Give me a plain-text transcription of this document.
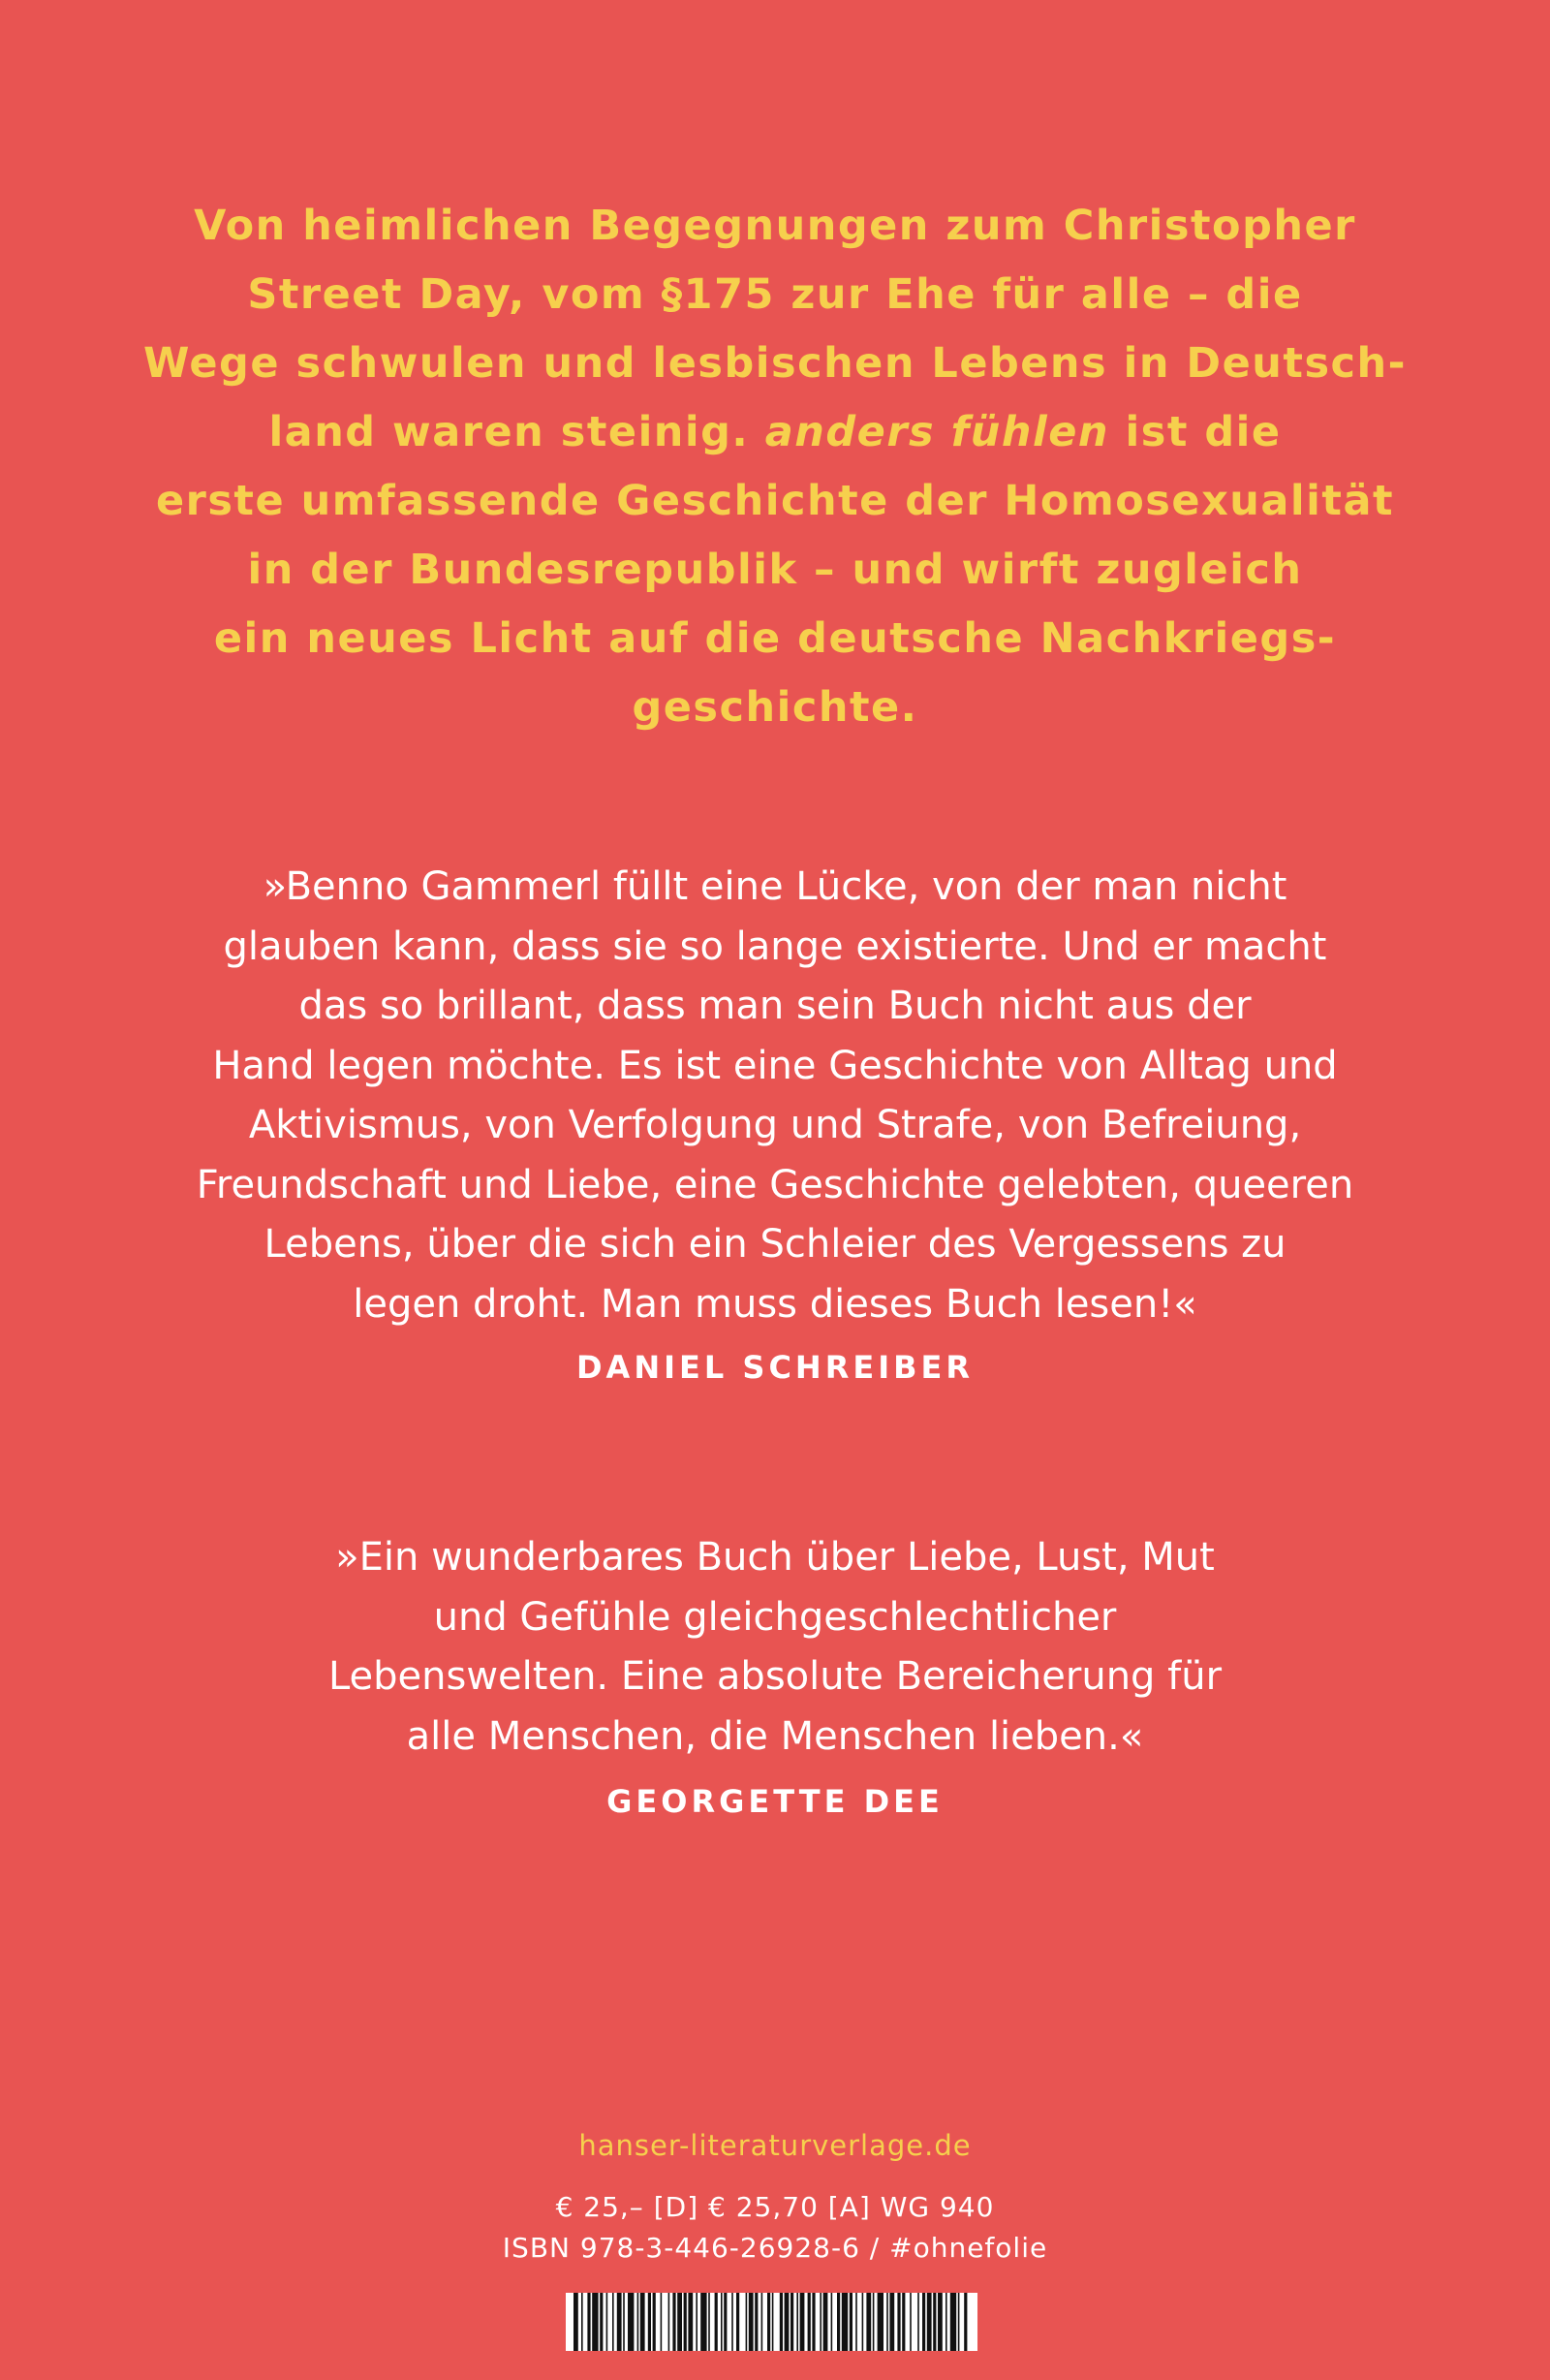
Von heimlichen Begegnungen zum Christopher
Street Day, vom §175 zur Ehe für alle – die
Wege schwulen und lesbischen Lebens in Deutsch-
land waren steinig. anders fühlen ist die
erste umfassende Geschichte der Homosexualität
in der Bundesrepublik – und wirft zugleich
ein neues Licht auf die deutsche Nachkriegs-
geschichte.
»Benno Gammerl füllt eine Lücke, von der man nicht
glauben kann, dass sie so lange existierte. Und er macht
das so brillant, dass man sein Buch nicht aus der
Hand legen möchte. Es ist eine Geschichte von Alltag und
Aktivismus, von Verfolgung und Strafe, von Befreiung,
Freundschaft und Liebe, eine Geschichte gelebten, queeren
Lebens, über die sich ein Schleier des Vergessens zu
legen droht. Man muss dieses Buch lesen!«
DANIEL SCHREIBER
»Ein wunderbares Buch über Liebe, Lust, Mut
und Gefühle gleichgeschlechtlicher
Lebenswelten. Eine absolute Bereicherung für
alle Menschen, die Menschen lieben.«
GEORGETTE DEE
hanser-literaturverlage.de
€ 25,– [D] € 25,70 [A] WG 940
ISBN 978-3-446-26928-6 / #ohnefolie
